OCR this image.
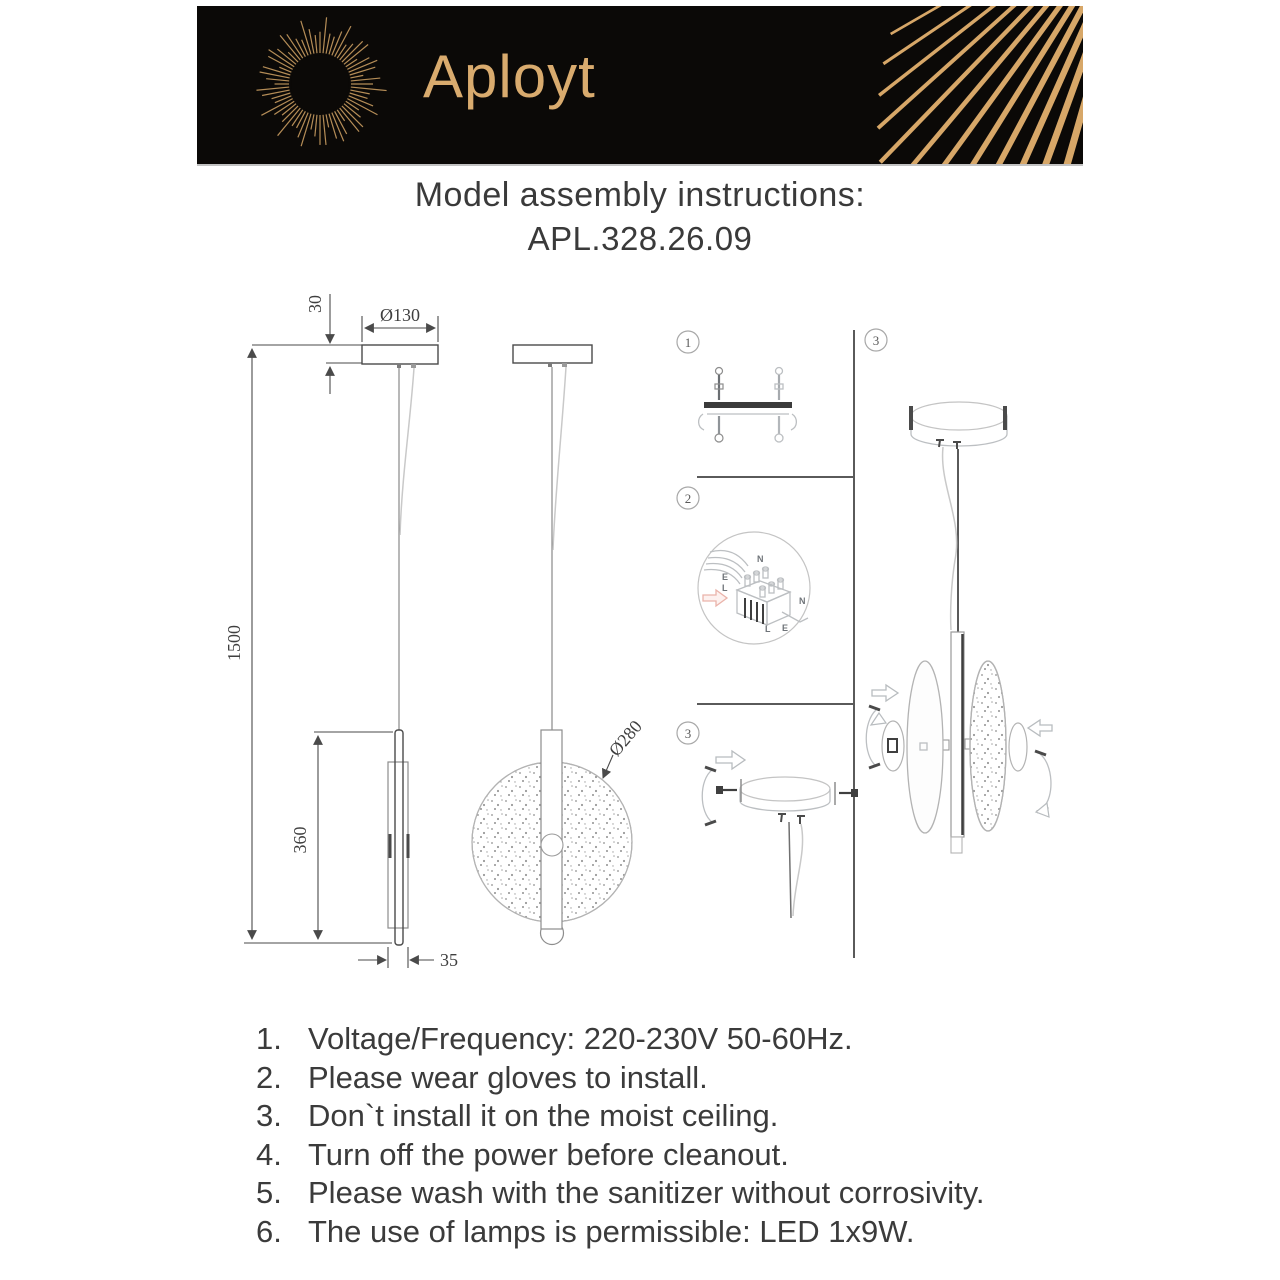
Aployt
Model assembly instructions:
APL.328.26.09
1500
30
Ø130
360
35
Ø280
1
2
3
3
N
E
L
N
L E
1. Voltage/Frequency: 220-230V 50-60Hz.
2. Please wear gloves to install.
3. Don`t install it on the moist ceiling.
4. Turn off the power before cleanout.
5. Please wash with the sanitizer without corrosivity.
6. The use of lamps is permissible: LED 1x9W.
